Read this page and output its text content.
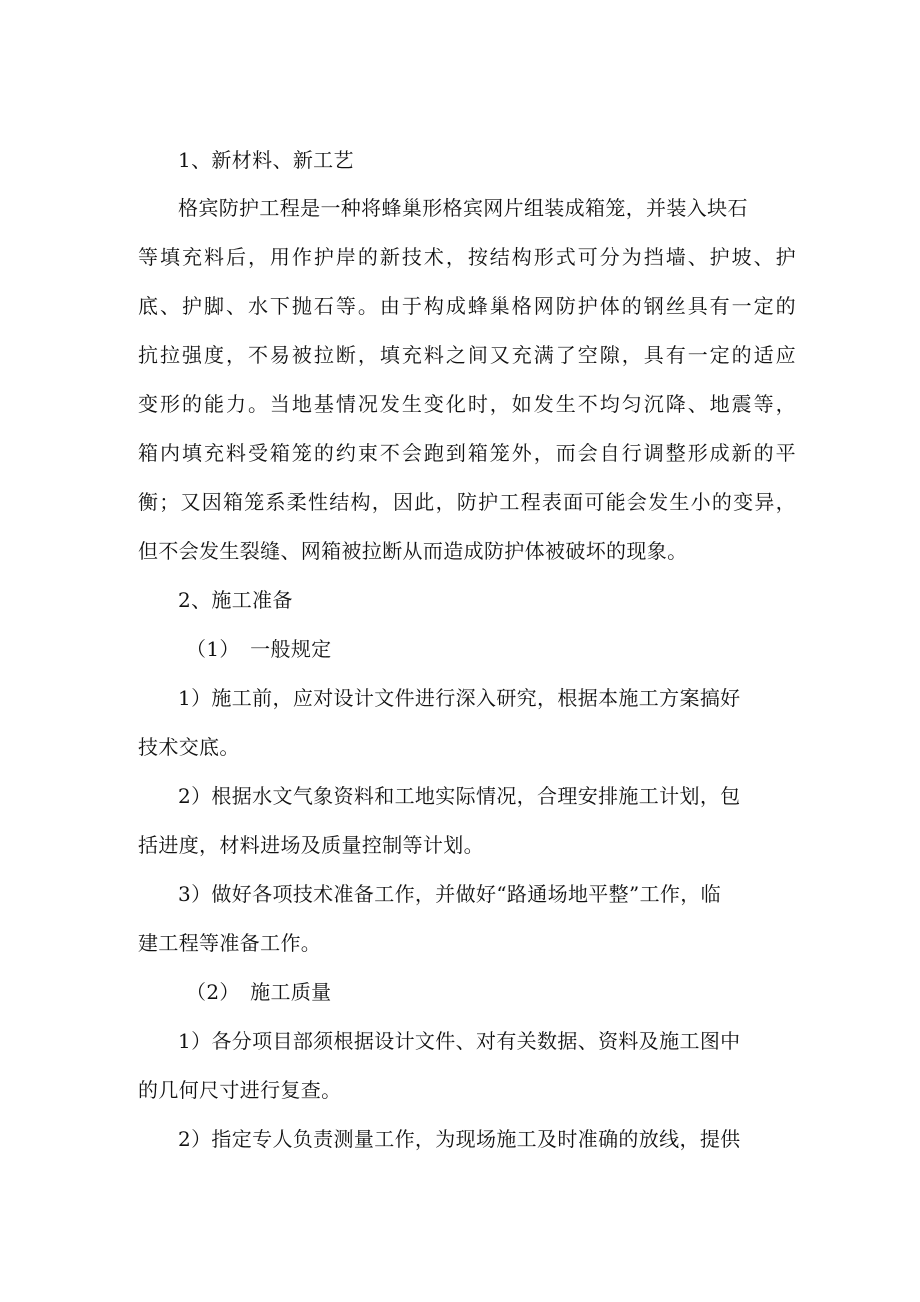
1、新材料、新工艺
格宾防护工程是一种将蜂巢形格宾网片组装成箱笼，并装入块石
等填充料后，用作护岸的新技术，按结构形式可分为挡墙、护坡、护
底、护脚、水下抛石等。由于构成蜂巢格网防护体的钢丝具有一定的
抗拉强度，不易被拉断，填充料之间又充满了空隙，具有一定的适应
变形的能力。当地基情况发生变化时，如发生不均匀沉降、地震等，
箱内填充料受箱笼的约束不会跑到箱笼外，而会自行调整形成新的平
衡；又因箱笼系柔性结构，因此，防护工程表面可能会发生小的变异，
但不会发生裂缝、网箱被拉断从而造成防护体被破坏的现象。
2、施工准备
（1）　一般规定
1）施工前，应对设计文件进行深入研究，根据本施工方案搞好
技术交底。
2）根据水文气象资料和工地实际情况，合理安排施工计划，包
括进度，材料进场及质量控制等计划。
3）做好各项技术准备工作，并做好“路通场地平整”工作，临
建工程等准备工作。
（2）　施工质量
1）各分项目部须根据设计文件、对有关数据、资料及施工图中
的几何尺寸进行复查。
2）指定专人负责测量工作，为现场施工及时准确的放线，提供
